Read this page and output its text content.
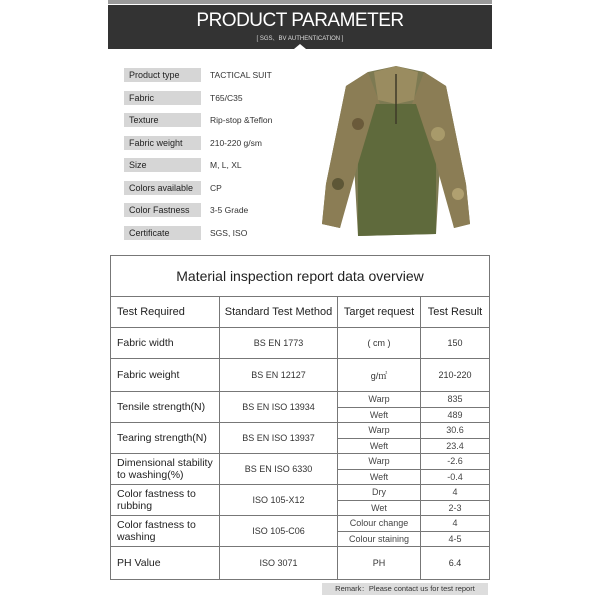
PRODUCT PARAMETER
[ SGS、BV AUTHENTICATION ]
Product type	TACTICAL SUIT
Fabric	T65/C35
Texture	Rip-stop &Teflon
Fabric weight	210-220 g/sm
Size	M, L, XL
Colors available	CP
Color Fastness	3-5 Grade
Certificate	SGS, ISO
Material inspection report data overview			
Test Required	Standard Test Method	Target request	Test Result
Fabric width	BS EN 1773	( cm )	150
Fabric weight	BS EN 12127	g/㎡	210-220
Tensile strength(N)	BS EN ISO 13934	Warp	835
		Weft	489
Tearing strength(N)	BS EN ISO 13937	Warp	30.6
		Weft	23.4
Dimensional stability to washing(%)	BS EN ISO 6330	Warp	-2.6
		Weft	-0.4
Color fastness to rubbing	ISO 105-X12	Dry	4
		Wet	2-3
Color fastness to washing	ISO 105-C06	Colour change	4
		Colour staining	4-5
PH Value	ISO 3071	PH	6.4
Remark：Please contact us for test report
